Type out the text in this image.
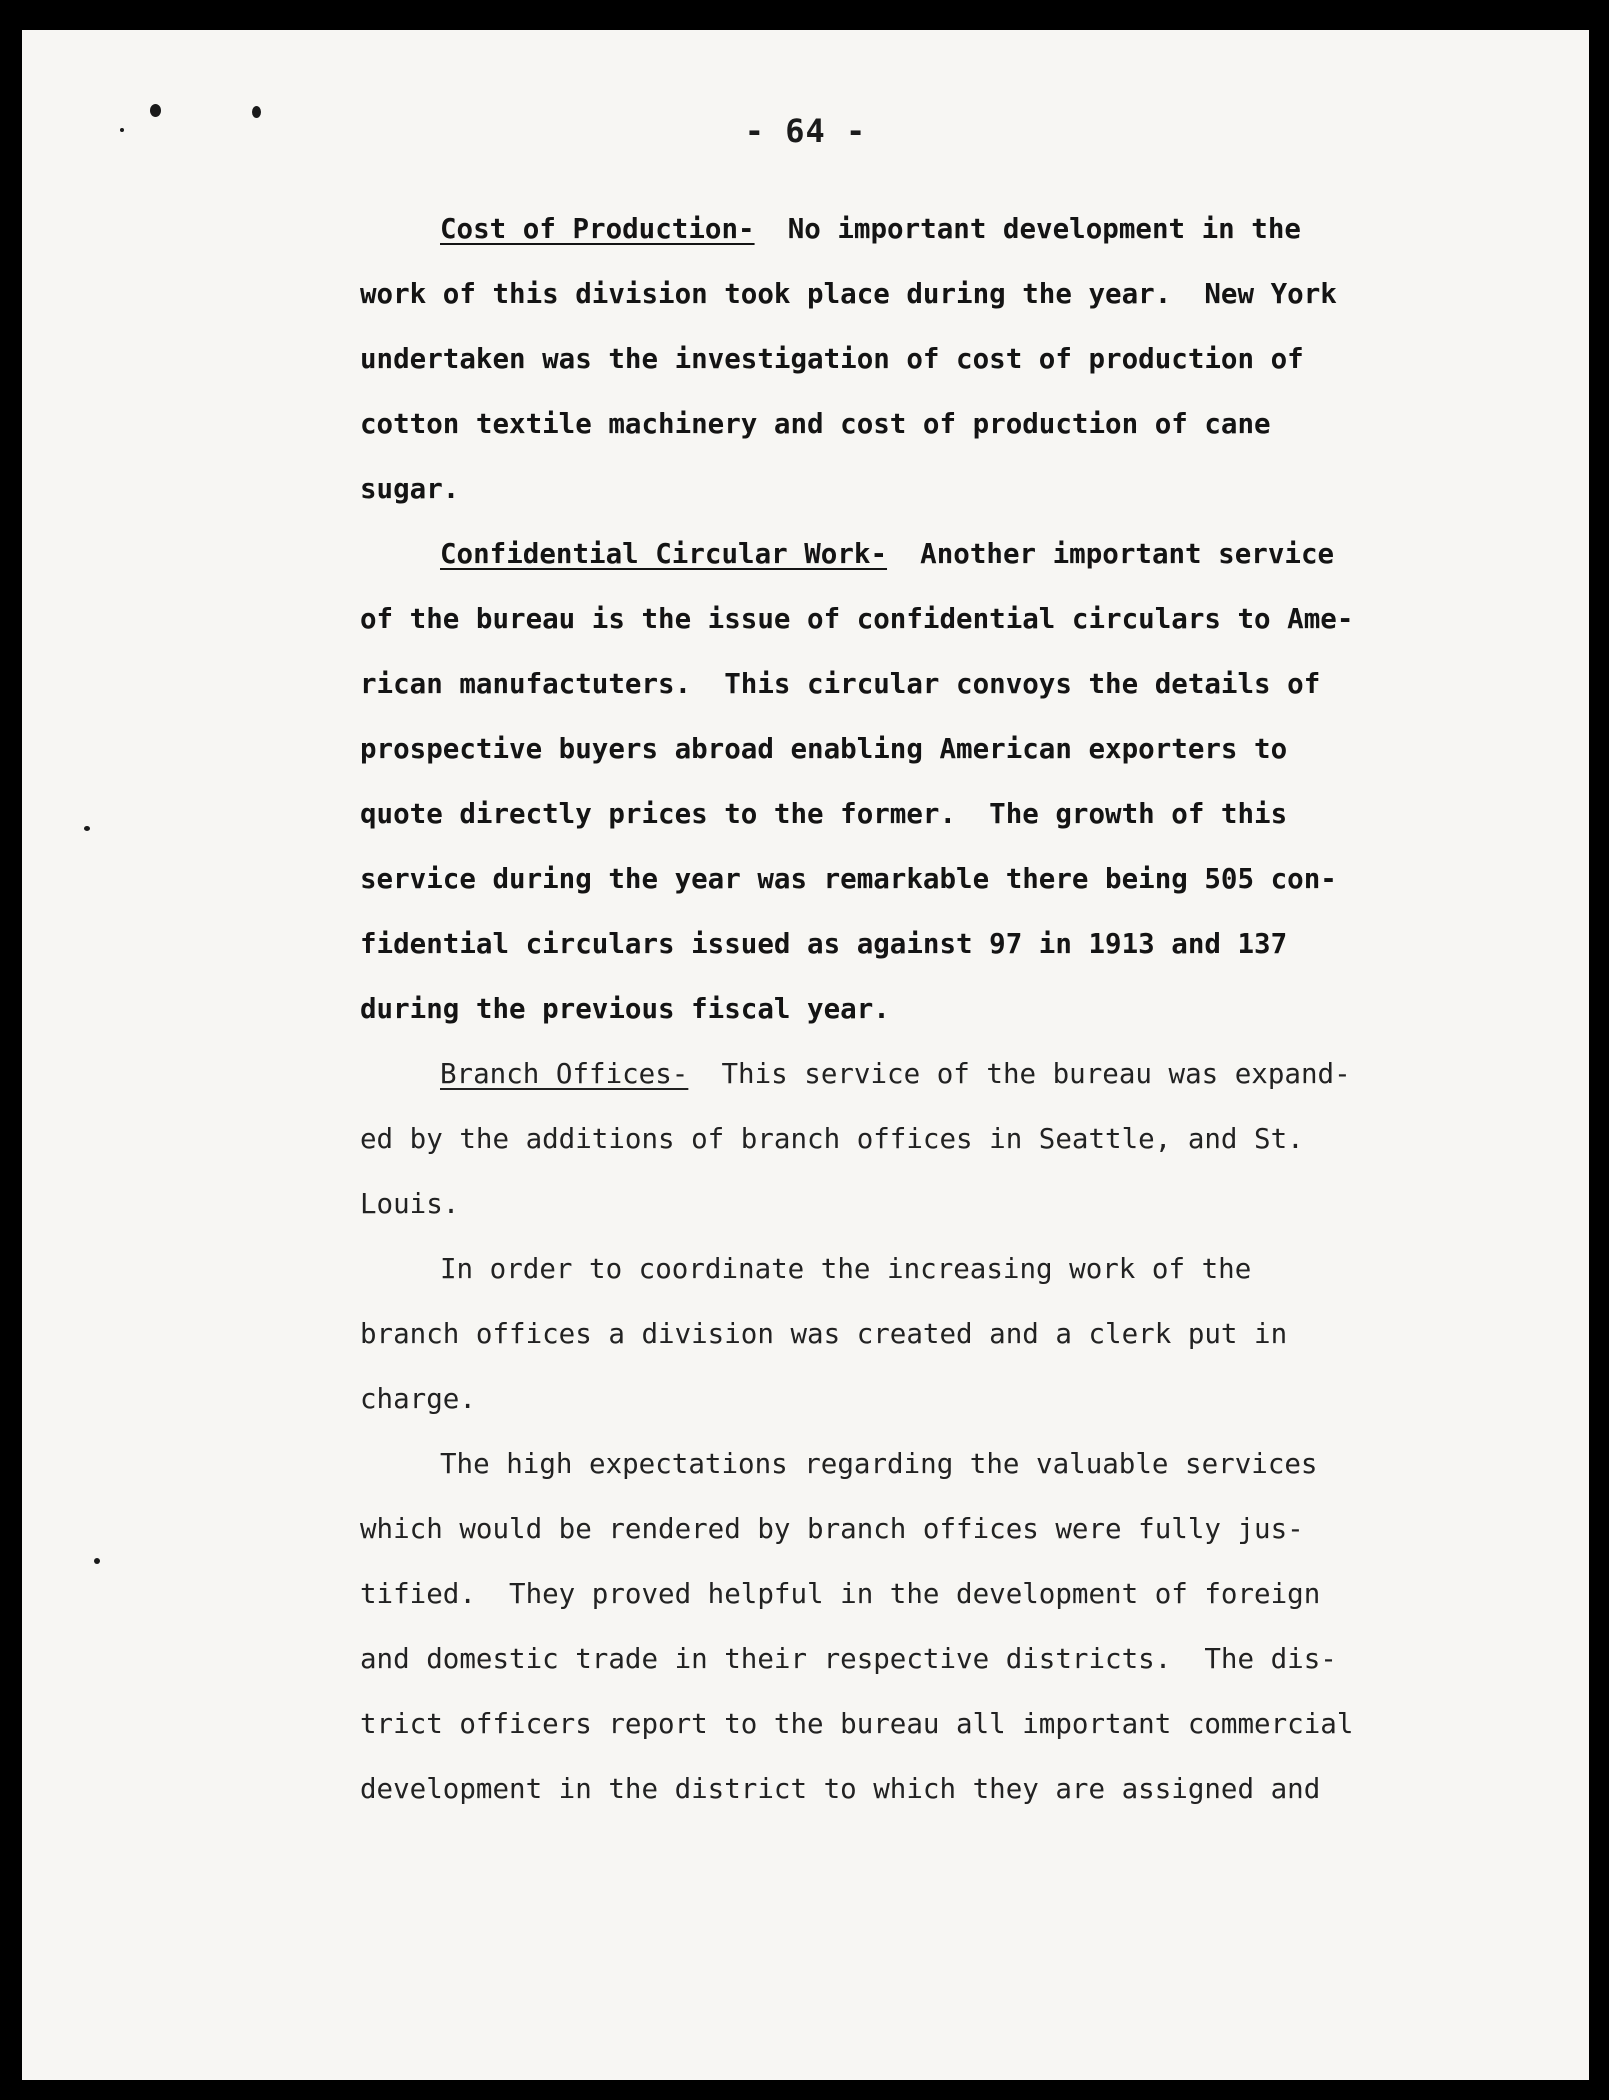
- 64 -
Cost of Production- No important development in the
work of this division took place during the year.  New York
undertaken was the investigation of cost of production of
cotton textile machinery and cost of production of cane
sugar.
Confidential Circular Work- Another important service
of the bureau is the issue of confidential circulars to Ame-
rican manufactuters.  This circular convoys the details of
prospective buyers abroad enabling American exporters to
quote directly prices to the former.  The growth of this
service during the year was remarkable there being 505 con-
fidential circulars issued as against 97 in 1913 and 137
during the previous fiscal year.
Branch Offices- This service of the bureau was expand-
ed by the additions of branch offices in Seattle, and St.
Louis.
In order to coordinate the increasing work of the
branch offices a division was created and a clerk put in
charge.
The high expectations regarding the valuable services
which would be rendered by branch offices were fully jus-
tified.  They proved helpful in the development of foreign
and domestic trade in their respective districts.  The dis-
trict officers report to the bureau all important commercial
development in the district to which they are assigned and
